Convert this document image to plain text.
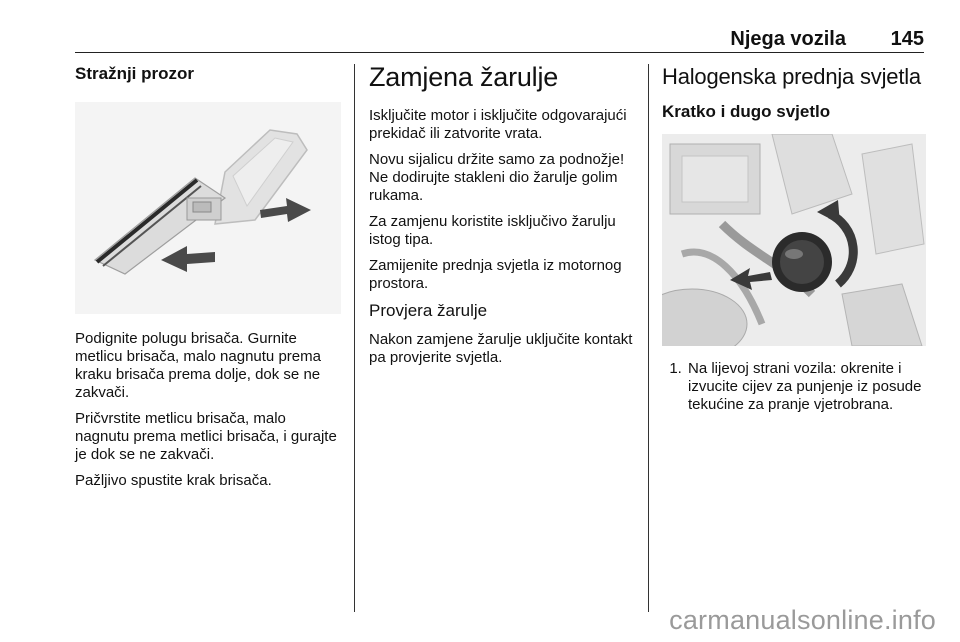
Njega vozila 145
Stražnji prozor

Podignite polugu brisača. Gurnite metlicu brisača, malo nagnutu prema kraku brisača prema dolje, dok se ne zakvači.

Pričvrstite metlicu brisača, malo nagnutu prema metlici brisača, i gurajte je dok se ne zakvači.

Pažljivo spustite krak brisača.

Zamjena žarulje

Isključite motor i isključite odgovarajući prekidač ili zatvorite vrata.

Novu sijalicu držite samo za podnožje! Ne dodirujte stakleni dio žarulje golim rukama.

Za zamjenu koristite isključivo žarulju istog tipa.

Zamijenite prednja svjetla iz motornog prostora.

Provjera žarulje

Nakon zamjene žarulje uključite kontakt pa provjerite svjetla.

Halogenska prednja svjetla
Kratko i dugo svjetlo
1. Na lijevoj strani vozila: okrenite i izvucite cijev za punjenje iz posude tekućine za pranje vjetrobrana.
carmanualsonline.info
